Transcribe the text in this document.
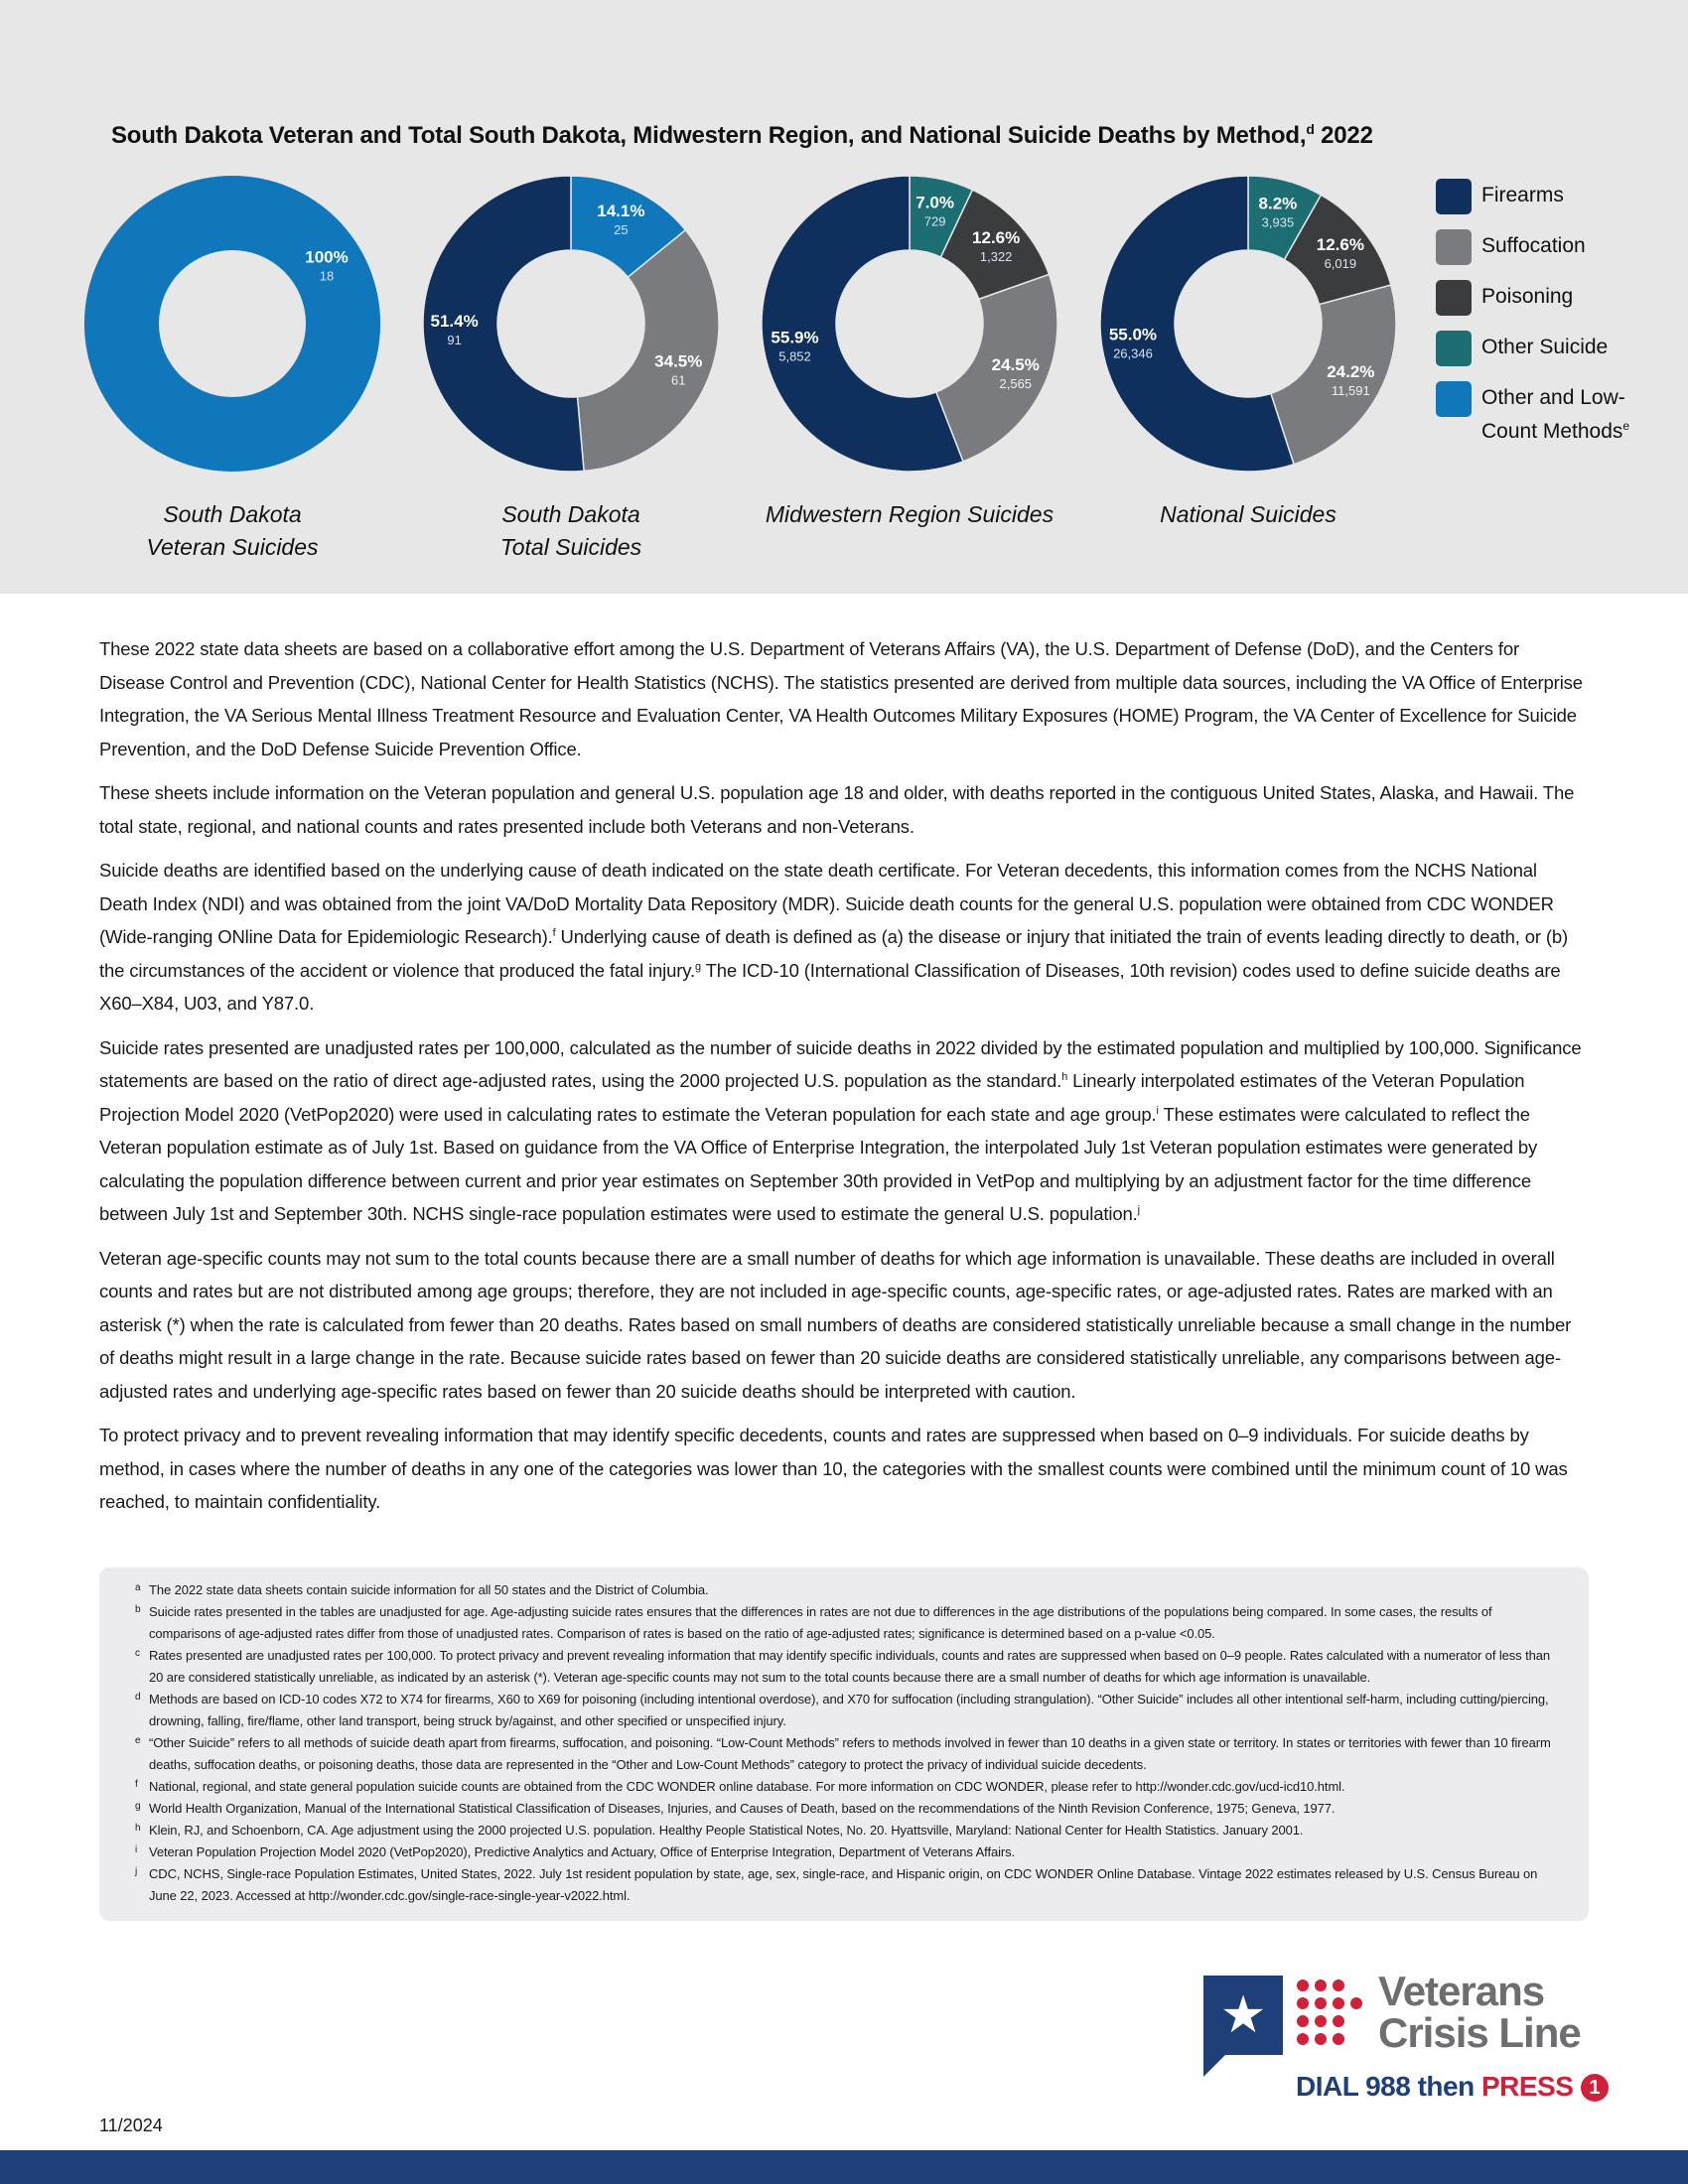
South Dakota Veteran and Total South Dakota, Midwestern Region, and National Suicide Deaths by Method,$^d$ 2022
100%
18
14.1%
25
34.5%
61
51.4%
91
7.0%
729
12.6%
1,322
24.5%
2,565
55.9%
5,852
8.2%
3,935
12.6%
6,019
24.2%
11,591
55.0%
26,346
South Dakota
Veteran Suicides
South Dakota
Total Suicides
Midwestern Region Suicides	National Suicides
Firearms
Suffocation
Poisoning
Other Suicide
Other and Low-Count Methods$^e$

These 2022 state data sheets are based on a collaborative effort among the U.S. Department of Veterans Affairs (VA), the U.S. Department of Defense (DoD), and the Centers for Disease Control and Prevention (CDC), National Center for Health Statistics (NCHS). The statistics presented are derived from multiple data sources, including the VA Office of Enterprise Integration, the VA Serious Mental Illness Treatment Resource and Evaluation Center, VA Health Outcomes Military Exposures (HOME) Program, the VA Center of Excellence for Suicide Prevention, and the DoD Defense Suicide Prevention Office.

These sheets include information on the Veteran population and general U.S. population age 18 and older, with deaths reported in the contiguous United States, Alaska, and Hawaii. The total state, regional, and national counts and rates presented include both Veterans and non-Veterans.

Suicide deaths are identified based on the underlying cause of death indicated on the state death certificate. For Veteran decedents, this information comes from the NCHS National Death Index (NDI) and was obtained from the joint VA/DoD Mortality Data Repository (MDR). Suicide death counts for the general U.S. population were obtained from CDC WONDER (Wide-ranging ONline Data for Epidemiologic Research).$^f$ Underlying cause of death is defined as (a) the disease or injury that initiated the train of events leading directly to death, or (b) the circumstances of the accident or violence that produced the fatal injury.$^g$ The ICD-10 (International Classification of Diseases, 10th revision) codes used to define suicide deaths are X60–X84, U03, and Y87.0.

Suicide rates presented are unadjusted rates per 100,000, calculated as the number of suicide deaths in 2022 divided by the estimated population and multiplied by 100,000. Significance statements are based on the ratio of direct age-adjusted rates, using the 2000 projected U.S. population as the standard.$^h$ Linearly interpolated estimates of the Veteran Population Projection Model 2020 (VetPop2020) were used in calculating rates to estimate the Veteran population for each state and age group.$^i$ These estimates were calculated to reflect the Veteran population estimate as of July 1st. Based on guidance from the VA Office of Enterprise Integration, the interpolated July 1st Veteran population estimates were generated by calculating the population difference between current and prior year estimates on September 30th provided in VetPop and multiplying by an adjustment factor for the time difference between July 1st and September 30th. NCHS single-race population estimates were used to estimate the general U.S. population.$^j$

Veteran age-specific counts may not sum to the total counts because there are a small number of deaths for which age information is unavailable. These deaths are included in overall counts and rates but are not distributed among age groups; therefore, they are not included in age-specific counts, age-specific rates, or age-adjusted rates. Rates are marked with an asterisk (*) when the rate is calculated from fewer than 20 deaths. Rates based on small numbers of deaths are considered statistically unreliable because a small change in the number of deaths might result in a large change in the rate. Because suicide rates based on fewer than 20 suicide deaths are considered statistically unreliable, any comparisons between age-adjusted rates and underlying age-specific rates based on fewer than 20 suicide deaths should be interpreted with caution.

To protect privacy and to prevent revealing information that may identify specific decedents, counts and rates are suppressed when based on 0–9 individuals. For suicide deaths by method, in cases where the number of deaths in any one of the categories was lower than 10, the categories with the smallest counts were combined until the minimum count of 10 was reached, to maintain confidentiality.

a The 2022 state data sheets contain suicide information for all 50 states and the District of Columbia.
b Suicide rates presented in the tables are unadjusted for age. Age-adjusting suicide rates ensures that the differences in rates are not due to differences in the age distributions of the populations being compared. In some cases, the results of comparisons of age-adjusted rates differ from those of unadjusted rates. Comparison of rates is based on the ratio of age-adjusted rates; significance is determined based on a p-value <0.05.
c Rates presented are unadjusted rates per 100,000. To protect privacy and prevent revealing information that may identify specific individuals, counts and rates are suppressed when based on 0–9 people. Rates calculated with a numerator of less than 20 are considered statistically unreliable, as indicated by an asterisk (*). Veteran age-specific counts may not sum to the total counts because there are a small number of deaths for which age information is unavailable.
d Methods are based on ICD-10 codes X72 to X74 for firearms, X60 to X69 for poisoning (including intentional overdose), and X70 for suffocation (including strangulation). “Other Suicide” includes all other intentional self-harm, including cutting/piercing, drowning, falling, fire/flame, other land transport, being struck by/against, and other specified or unspecified injury.
e “Other Suicide” refers to all methods of suicide death apart from firearms, suffocation, and poisoning. “Low-Count Methods” refers to methods involved in fewer than 10 deaths in a given state or territory. In states or territories with fewer than 10 firearm deaths, suffocation deaths, or poisoning deaths, those data are represented in the “Other and Low-Count Methods” category to protect the privacy of individual suicide decedents.
f National, regional, and state general population suicide counts are obtained from the CDC WONDER online database. For more information on CDC WONDER, please refer to http://wonder.cdc.gov/ucd-icd10.html.
g World Health Organization, Manual of the International Statistical Classification of Diseases, Injuries, and Causes of Death, based on the recommendations of the Ninth Revision Conference, 1975; Geneva, 1977.
h Klein, RJ, and Schoenborn, CA. Age adjustment using the 2000 projected U.S. population. Healthy People Statistical Notes, No. 20. Hyattsville, Maryland: National Center for Health Statistics. January 2001.
i Veteran Population Projection Model 2020 (VetPop2020), Predictive Analytics and Actuary, Office of Enterprise Integration, Department of Veterans Affairs.
j CDC, NCHS, Single-race Population Estimates, United States, 2022. July 1st resident population by state, age, sex, single-race, and Hispanic origin, on CDC WONDER Online Database. Vintage 2022 estimates released by U.S. Census Bureau on June 22, 2023. Accessed at http://wonder.cdc.gov/single-race-single-year-v2022.html.
★	Veterans
Crisis Line
DIAL 988 then PRESS 1
11/2024
